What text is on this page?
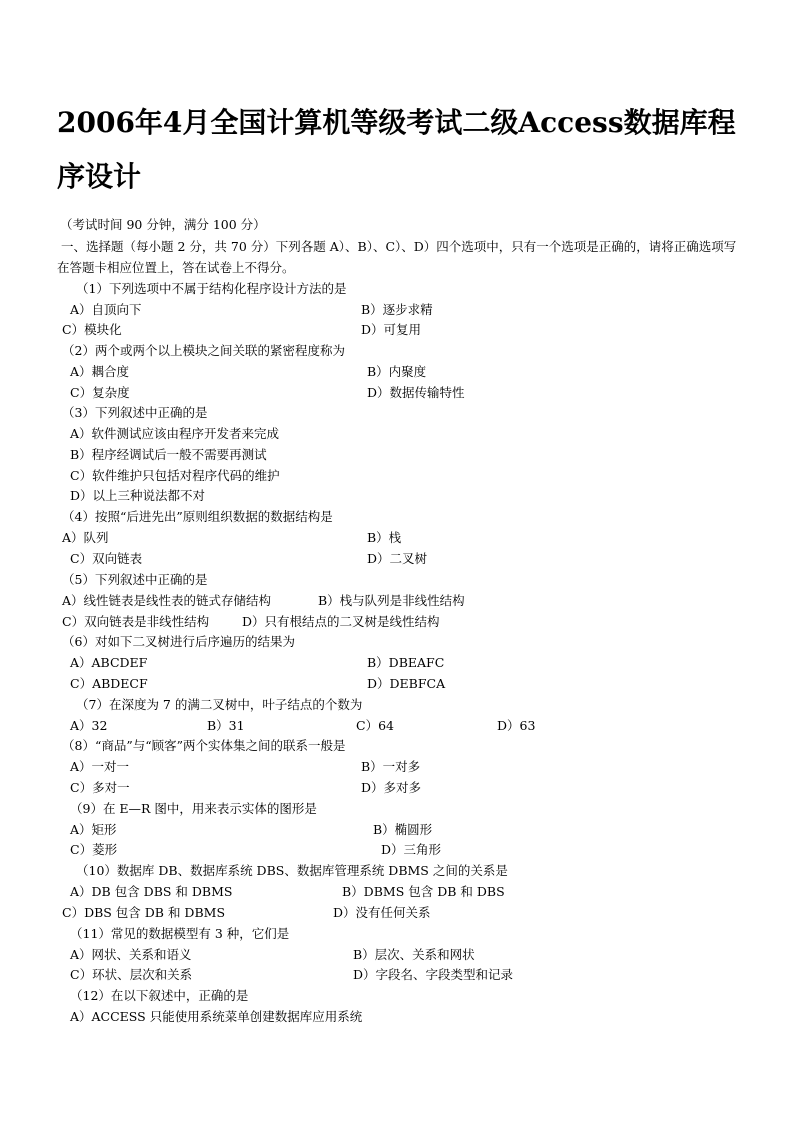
2006年4月全国计算机等级考试二级Access数据库程序设计
（考试时间 90 分钟，满分 100 分）
一、选择题（每小题 2 分，共 70 分）下列各题 A）、B）、C）、D）四个选项中，只有一个选项是正确的，请将正确选项写在答题卡相应位置上，答在试卷上不得分。
（1）下列选项中不属于结构化程序设计方法的是
A）自顶向下	B）逐步求精
C）模块化	D）可复用
（2）两个或两个以上模块之间关联的紧密程度称为
A）耦合度	B）内聚度
C）复杂度	D）数据传输特性
（3）下列叙述中正确的是
A）软件测试应该由程序开发者来完成
B）程序经调试后一般不需要再测试
C）软件维护只包括对程序代码的维护
D）以上三种说法都不对
（4）按照“后进先出”原则组织数据的数据结构是
A）队列	B）栈
C）双向链表	D）二叉树
（5）下列叙述中正确的是
A）线性链表是线性表的链式存储结构	B）栈与队列是非线性结构
C）双向链表是非线性结构	D）只有根结点的二叉树是线性结构
（6）对如下二叉树进行后序遍历的结果为
A）ABCDEF	B）DBEAFC
C）ABDECF	D）DEBFCA
（7）在深度为 7 的满二叉树中，叶子结点的个数为
A）32	B）31	C）64	D）63
（8）“商品”与“顾客”两个实体集之间的联系一般是
A）一对一	B）一对多
C）多对一	D）多对多
（9）在 E—R 图中，用来表示实体的图形是
A）矩形	B）椭圆形
C）菱形	D）三角形
（10）数据库 DB、数据库系统 DBS、数据库管理系统 DBMS 之间的关系是
A）DB 包含 DBS 和 DBMS	B）DBMS 包含 DB 和 DBS
C）DBS 包含 DB 和 DBMS	D）没有任何关系
（11）常见的数据模型有 3 种，它们是
A）网状、关系和语义	B）层次、关系和网状
C）环状、层次和关系	D）字段名、字段类型和记录
（12）在以下叙述中，正确的是
A）ACCESS 只能使用系统菜单创建数据库应用系统
